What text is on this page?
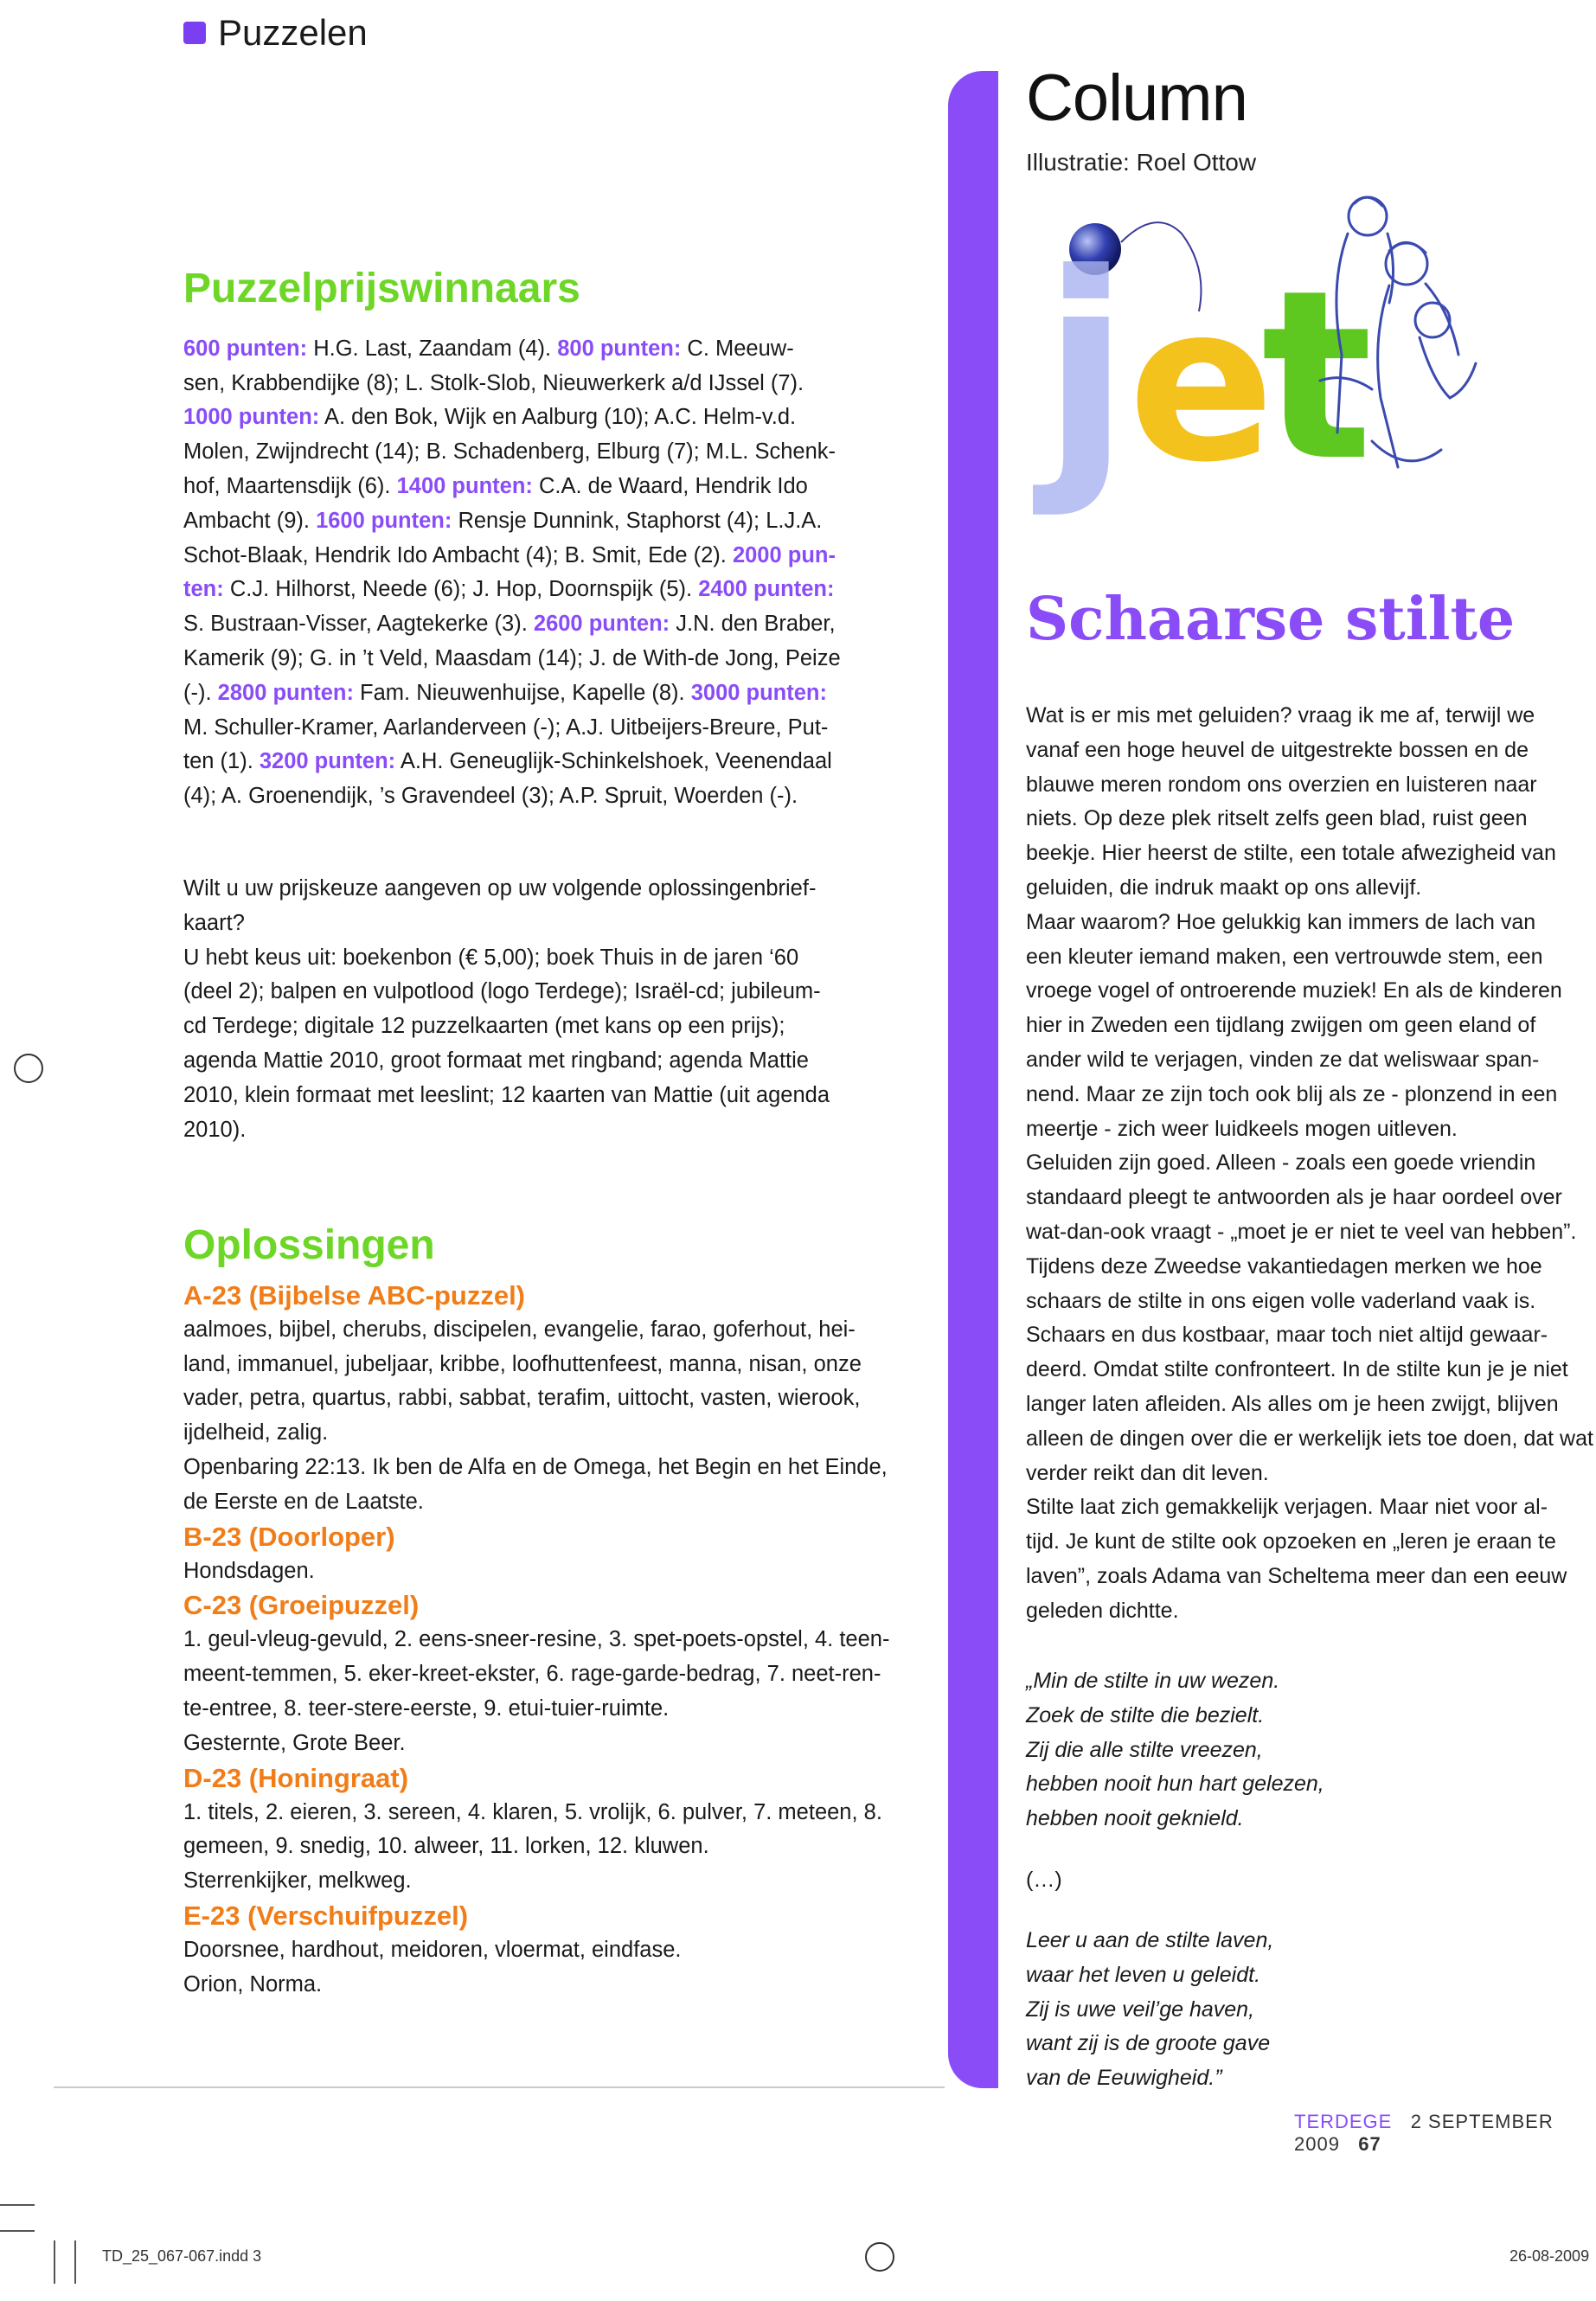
Puzzelen
Puzzelprijswinnaars

600 punten: H.G. Last, Zaandam (4). 800 punten: C. Meeuw-

sen, Krabbendijke (8); L. Stolk-Slob, Nieuwerkerk a/d IJssel (7).

1000 punten: A. den Bok, Wijk en Aalburg (10); A.C. Helm-v.d.

Molen, Zwijndrecht (14); B. Schadenberg, Elburg (7); M.L. Schenk-

hof, Maartensdijk (6). 1400 punten: C.A. de Waard, Hendrik Ido

Ambacht (9). 1600 punten: Rensje Dunnink, Staphorst (4); L.J.A.

Schot-Blaak, Hendrik Ido Ambacht (4); B. Smit, Ede (2). 2000 pun-

ten: C.J. Hilhorst, Neede (6); J. Hop, Doornspijk (5). 2400 punten:

S. Bustraan-Visser, Aagtekerke (3). 2600 punten: J.N. den Braber,

Kamerik (9); G. in ’t Veld, Maasdam (14); J. de With-de Jong, Peize

(-). 2800 punten: Fam. Nieuwenhuijse, Kapelle (8). 3000 punten:

M. Schuller-Kramer, Aarlanderveen (-); A.J. Uitbeijers-Breure, Put-

ten (1). 3200 punten: A.H. Geneuglijk-Schinkelshoek, Veenendaal

(4); A. Groenendijk, ’s Gravendeel (3); A.P. Spruit, Woerden (-).

Wilt u uw prijskeuze aangeven op uw volgende oplossingenbrief-

kaart?

U hebt keus uit: boekenbon (€ 5,00); boek Thuis in de jaren ‘60

(deel 2); balpen en vulpotlood (logo Terdege); Israël-cd; jubileum-

cd Terdege; digitale 12 puzzelkaarten (met kans op een prijs);

agenda Mattie 2010, groot formaat met ringband; agenda Mattie

2010, klein formaat met leeslint; 12 kaarten van Mattie (uit agenda

2010).

Oplossingen
A-23 (Bijbelse ABC-puzzel)

aalmoes, bijbel, cherubs, discipelen, evangelie, farao, goferhout, hei-

land, immanuel, jubeljaar, kribbe, loofhuttenfeest, manna, nisan, onze

vader, petra, quartus, rabbi, sabbat, terafim, uittocht, vasten, wierook,

ijdelheid, zalig.

Openbaring 22:13. Ik ben de Alfa en de Omega, het Begin en het Einde,

de Eerste en de Laatste.

B-23 (Doorloper)

Hondsdagen.

C-23 (Groeipuzzel)

1. geul-vleug-gevuld, 2. eens-sneer-resine, 3. spet-poets-opstel, 4. teen-

meent-temmen, 5. eker-kreet-ekster, 6. rage-garde-bedrag, 7. neet-ren-

te-entree, 8. teer-stere-eerste, 9. etui-tuier-ruimte.

Gesternte, Grote Beer.

D-23 (Honingraat)

1. titels, 2. eieren, 3. sereen, 4. klaren, 5. vrolijk, 6. pulver, 7. meteen, 8.

gemeen, 9. snedig, 10. alweer, 11. lorken, 12. kluwen.

Sterrenkijker, melkweg.

E-23 (Verschuifpuzzel)

Doorsnee, hardhout, meidoren, vloermat, eindfase.

Orion, Norma.

Column
Illustratie: Roel Ottow
j
e
t
Schaarse stilte

Wat is er mis met geluiden? vraag ik me af, terwijl we

vanaf een hoge heuvel de uitgestrekte bossen en de

blauwe meren rondom ons overzien en luisteren naar

niets. Op deze plek ritselt zelfs geen blad, ruist geen

beekje. Hier heerst de stilte, een totale afwezigheid van

geluiden, die indruk maakt op ons allevijf.

Maar waarom? Hoe gelukkig kan immers de lach van

een kleuter iemand maken, een vertrouwde stem, een

vroege vogel of ontroerende muziek! En als de kinderen

hier in Zweden een tijdlang zwijgen om geen eland of

ander wild te verjagen, vinden ze dat weliswaar span-

nend. Maar ze zijn toch ook blij als ze - plonzend in een

meertje - zich weer luidkeels mogen uitleven.

Geluiden zijn goed. Alleen - zoals een goede vriendin

standaard pleegt te antwoorden als je haar oordeel over

wat-dan-ook vraagt - „moet je er niet te veel van hebben”.

Tijdens deze Zweedse vakantiedagen merken we hoe

schaars de stilte in ons eigen volle vaderland vaak is.

Schaars en dus kostbaar, maar toch niet altijd gewaar-

deerd. Omdat stilte confronteert. In de stilte kun je je niet

langer laten afleiden. Als alles om je heen zwijgt, blijven

alleen de dingen over die er werkelijk iets toe doen, dat wat

verder reikt dan dit leven.

Stilte laat zich gemakkelijk verjagen. Maar niet voor al-

tijd. Je kunt de stilte ook opzoeken en „leren je eraan te

laven”, zoals Adama van Scheltema meer dan een eeuw

geleden dichtte.

„Min de stilte in uw wezen.

Zoek de stilte die bezielt.

Zij die alle stilte vreezen,

hebben nooit hun hart gelezen,

hebben nooit geknield.

(…)

Leer u aan de stilte laven,

waar het leven u geleidt.

Zij is uwe veil’ge haven,

want zij is de groote gave

van de Eeuwigheid.”

TERDEGE 2 SEPTEMBER 2009 67
TD_25_067-067.indd 3	26-08-2009
